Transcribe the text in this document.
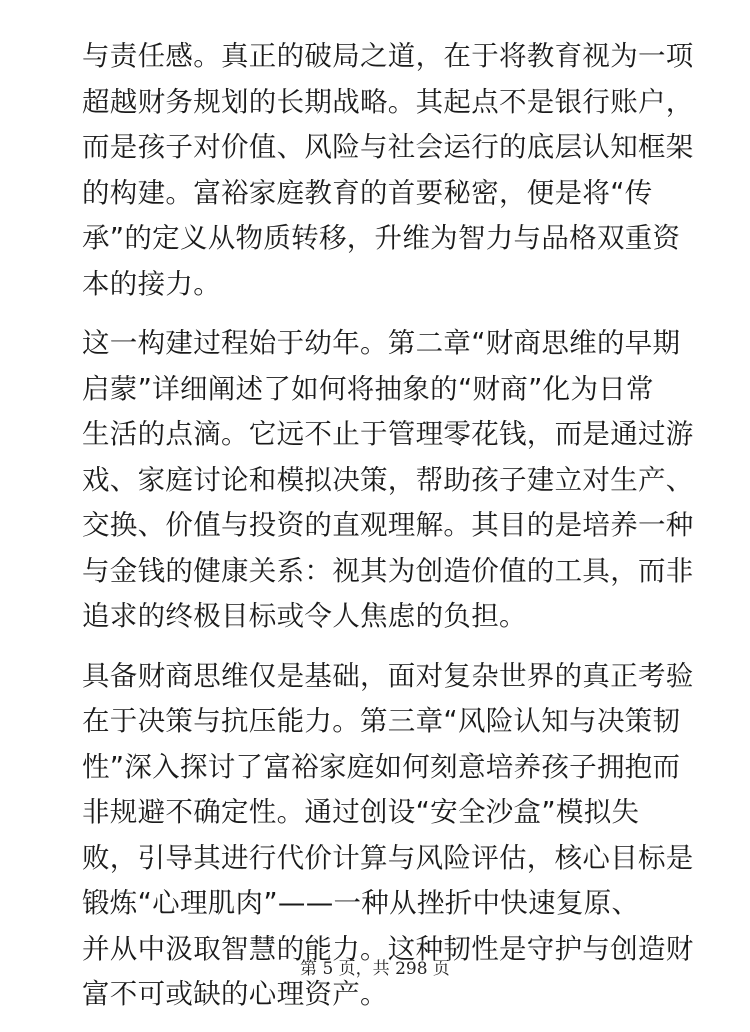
与责任感。真正的破局之道，在于将教育视为一项
超越财务规划的长期战略。其起点不是银行账户，
而是孩子对价值、风险与社会运行的底层认知框架
的构建。富裕家庭教育的首要秘密，便是将“传
承”的定义从物质转移，升维为智力与品格双重资
本的接力。

这一构建过程始于幼年。第二章“财商思维的早期
启蒙”详细阐述了如何将抽象的“财商”化为日常
生活的点滴。它远不止于管理零花钱，而是通过游
戏、家庭讨论和模拟决策，帮助孩子建立对生产、
交换、价值与投资的直观理解。其目的是培养一种
与金钱的健康关系：视其为创造价值的工具，而非
追求的终极目标或令人焦虑的负担。

具备财商思维仅是基础，面对复杂世界的真正考验
在于决策与抗压能力。第三章“风险认知与决策韧
性”深入探讨了富裕家庭如何刻意培养孩子拥抱而
非规避不确定性。通过创设“安全沙盒”模拟失
败，引导其进行代价计算与风险评估，核心目标是
锻炼“心理肌肉”——一种从挫折中快速复原、
并从中汲取智慧的能力。这种韧性是守护与创造财
富不可或缺的心理资产。

第 5 页，共 298 页
